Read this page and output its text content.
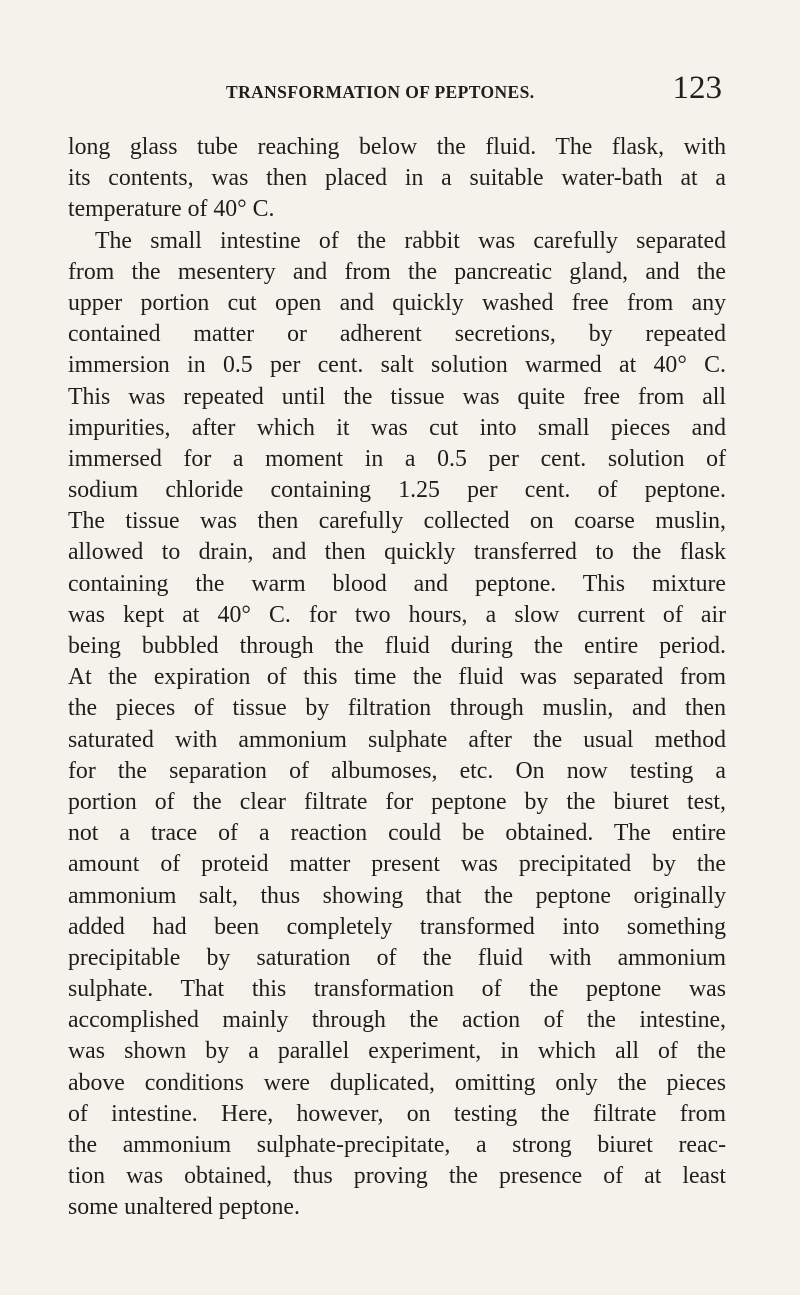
TRANSFORMATION OF PEPTONES.	123
long glass tube reaching below the fluid. The flask, with
its contents, was then placed in a suitable water-bath at a
temperature of 40° C.
The small intestine of the rabbit was carefully separated
from the mesentery and from the pancreatic gland, and the
upper portion cut open and quickly washed free from any
contained matter or adherent secretions, by repeated
immersion in 0.5 per cent. salt solution warmed at 40° C.
This was repeated until the tissue was quite free from all
impurities, after which it was cut into small pieces and
immersed for a moment in a 0.5 per cent. solution of
sodium chloride containing 1.25 per cent. of peptone.
The tissue was then carefully collected on coarse muslin,
allowed to drain, and then quickly transferred to the flask
containing the warm blood and peptone. This mixture
was kept at 40° C. for two hours, a slow current of air
being bubbled through the fluid during the entire period.
At the expiration of this time the fluid was separated from
the pieces of tissue by filtration through muslin, and then
saturated with ammonium sulphate after the usual method
for the separation of albumoses, etc. On now testing a
portion of the clear filtrate for peptone by the biuret test,
not a trace of a reaction could be obtained. The entire
amount of proteid matter present was precipitated by the
ammonium salt, thus showing that the peptone originally
added had been completely transformed into something
precipitable by saturation of the fluid with ammonium
sulphate. That this transformation of the peptone was
accomplished mainly through the action of the intestine,
was shown by a parallel experiment, in which all of the
above conditions were duplicated, omitting only the pieces
of intestine. Here, however, on testing the filtrate from
the ammonium sulphate-precipitate, a strong biuret reac-
tion was obtained, thus proving the presence of at least
some unaltered peptone.
